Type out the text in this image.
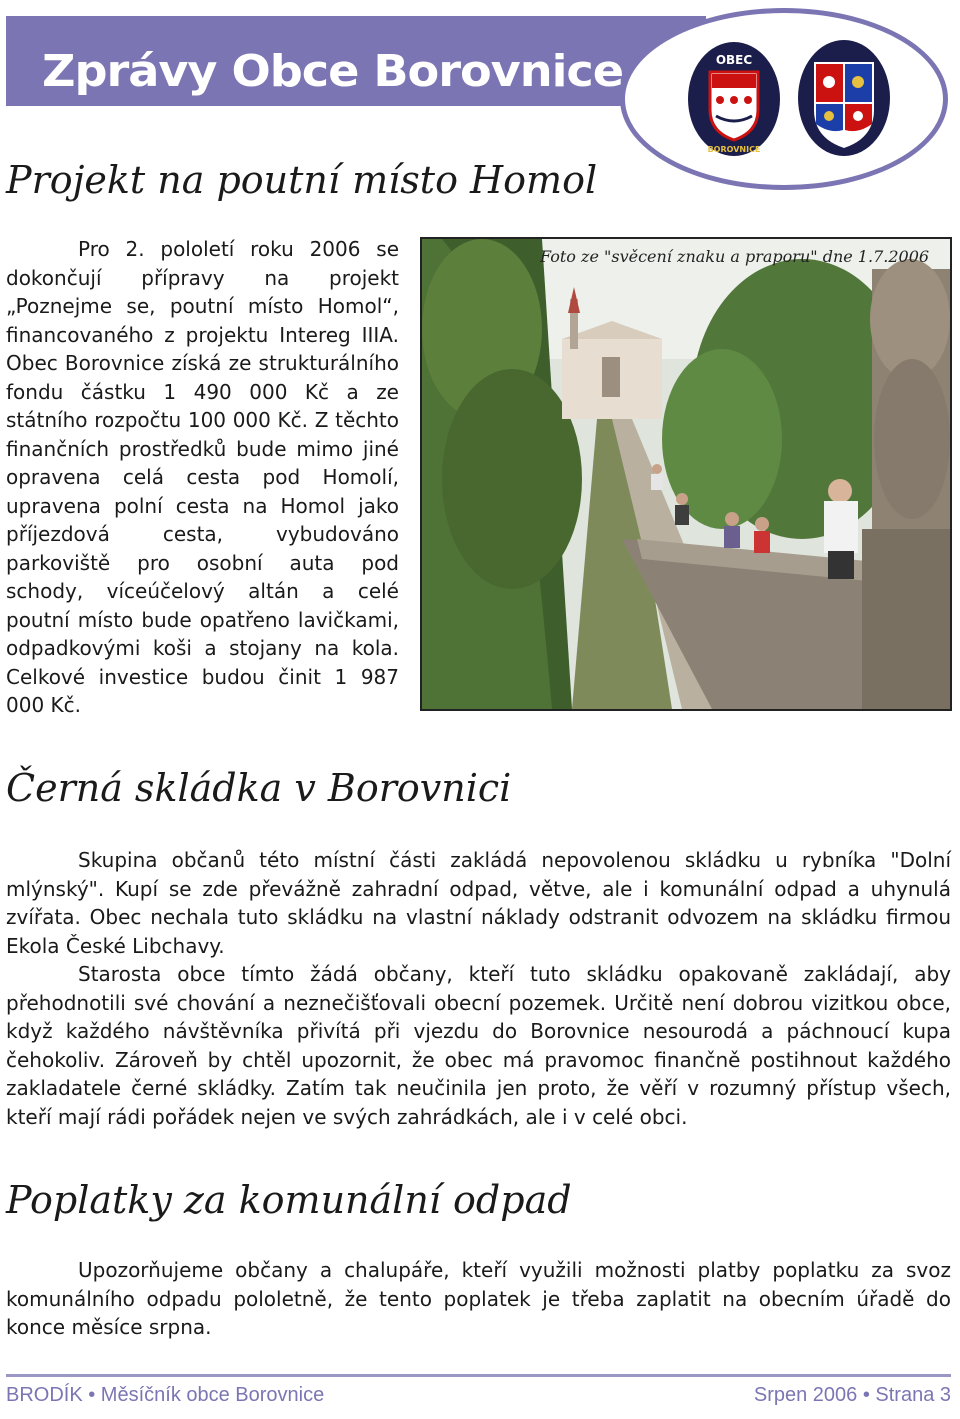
Zprávy Obce Borovnice	OBEC
BOROVNICE
Projekt na poutní místo Homol
Pro 2. pololetí roku 2006 se dokončují přípravy na projekt „Poznejme se, poutní místo Homol“, financovaného z projektu Intereg IIIA. Obec Borovnice získá ze strukturálního fondu částku 1 490 000 Kč a ze státního rozpočtu 100 000 Kč. Z těchto finančních prostředků bude mimo jiné opravena celá cesta pod Homolí, upravena polní cesta na Homol jako příjezdová cesta, vybudováno parkoviště pro osobní auta pod schody, víceúčelový altán a celé poutní místo bude opatřeno lavičkami, odpadkovými koši a stojany na kola. Celkové investice budou činit 1 987 000 Kč.
Foto ze "svěcení znaku a praporu" dne 1.7.2006
Černá skládka v Borovnici

Skupina občanů této místní části zakládá nepovolenou skládku u rybníka "Dolní mlýnský". Kupí se zde převážně zahradní odpad, větve, ale i komunální odpad a uhynulá zvířata. Obec nechala tuto skládku na vlastní náklady odstranit odvozem na skládku firmou Ekola České Libchavy.

Starosta obce tímto žádá občany, kteří tuto skládku opakovaně zakládají, aby přehodnotili své chování a neznečišťovali obecní pozemek. Určitě není dobrou vizitkou obce, když každého návštěvníka přivítá při vjezdu do Borovnice nesourodá a páchnoucí kupa čehokoliv. Zároveň by chtěl upozornit, že obec má pravomoc finančně postihnout každého zakladatele černé skládky. Zatím tak neučinila jen proto, že věří v rozumný přístup všech, kteří mají rádi pořádek nejen ve svých zahrádkách, ale i v celé obci.

Poplatky za komunální odpad

Upozorňujeme občany a chalupáře, kteří využili možnosti platby poplatku za svoz komunálního odpadu pololetně, že tento poplatek je třeba zaplatit na obecním úřadě do konce měsíce srpna.

BRODÍK • Měsíčník obce Borovnice	Srpen 2006 • Strana 3
